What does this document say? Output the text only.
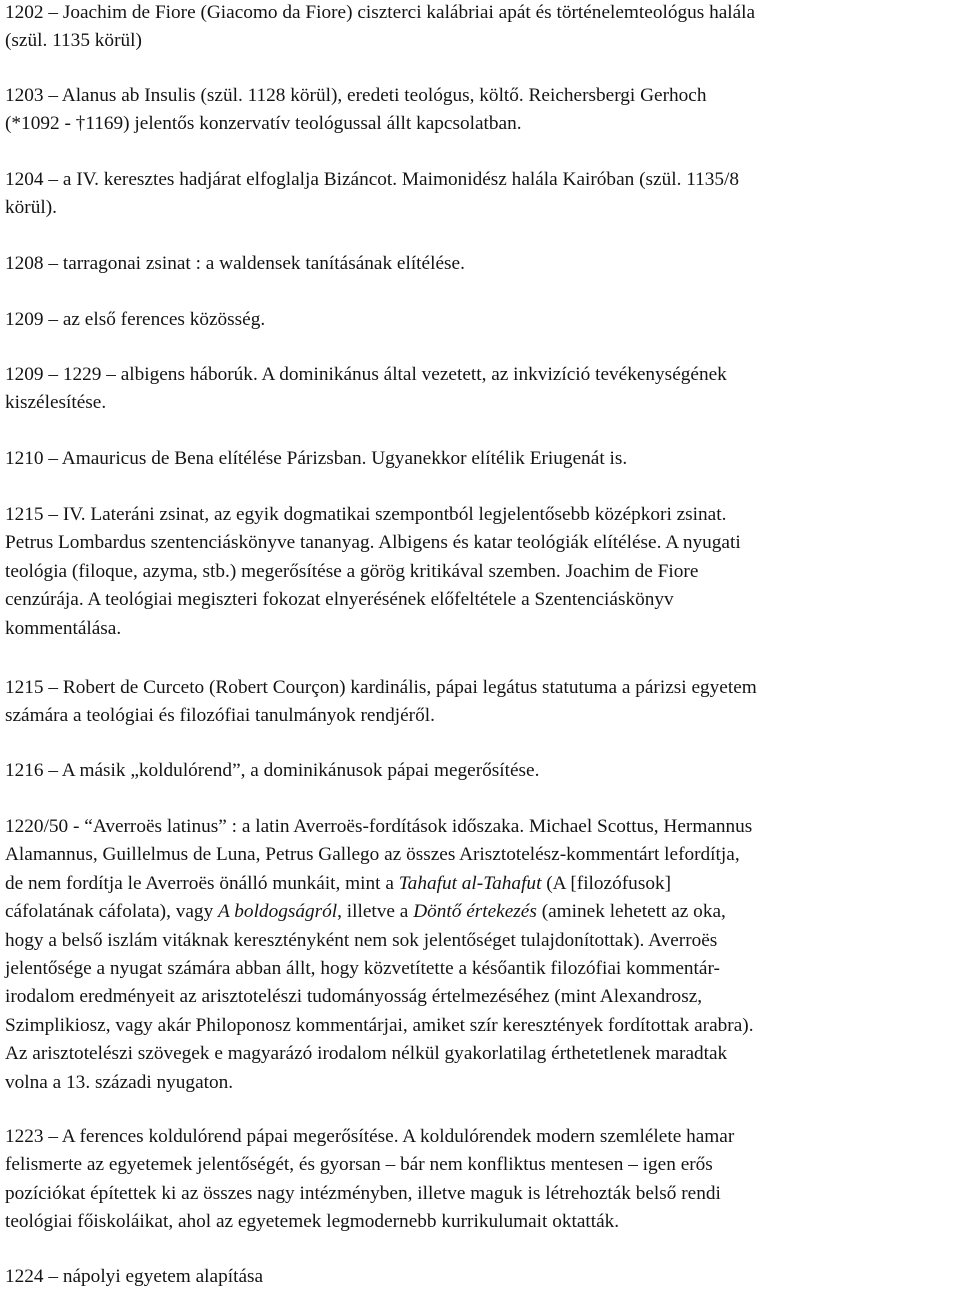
1202 – Joachim de Fiore (Giacomo da Fiore) ciszterci kalábriai apát és történelemteológus halála
(szül. 1135 körül)
1203 – Alanus ab Insulis (szül. 1128 körül), eredeti teológus, költő. Reichersbergi Gerhoch
(*1092 - †1169) jelentős konzervatív teológussal állt kapcsolatban.
1204 – a IV. keresztes hadjárat elfoglalja Bizáncot. Maimonidész halála Kairóban (szül. 1135/8
körül).
1208 – tarragonai zsinat : a waldensek tanításának elítélése.
1209 – az első ferences közösség.
1209 – 1229 – albigens háborúk. A dominikánus által vezetett, az inkvizíció tevékenységének
kiszélesítése.
1210 – Amauricus de Bena elítélése Párizsban. Ugyanekkor elítélik Eriugenát is.
1215 – IV. Lateráni zsinat, az egyik dogmatikai szempontból legjelentősebb középkori zsinat.
Petrus Lombardus szentenciáskönyve tananyag. Albigens és katar teológiák elítélése. A nyugati
teológia (filoque, azyma, stb.) megerősítése a görög kritikával szemben. Joachim de Fiore
cenzúrája. A teológiai megiszteri fokozat elnyerésének előfeltétele a Szentenciáskönyv
kommentálása.
1215 – Robert de Curceto (Robert Courçon) kardinális, pápai legátus statutuma a párizsi egyetem
számára a teológiai és filozófiai tanulmányok rendjéről.
1216 – A másik „koldulórend”, a dominikánusok pápai megerősítése.
1220/50 - “Averroës latinus” : a latin Averroës-fordítások időszaka. Michael Scottus, Hermannus
Alamannus, Guillelmus de Luna, Petrus Gallego az összes Arisztotelész-kommentárt lefordítja,
de nem fordítja le Averroës önálló munkáit, mint a Tahafut al-Tahafut (A [filozófusok]
cáfolatának cáfolata), vagy A boldogságról, illetve a Döntő értekezés (aminek lehetett az oka,
hogy a belső iszlám vitáknak keresztényként nem sok jelentőséget tulajdonítottak). Averroës
jelentősége a nyugat számára abban állt, hogy közvetítette a későantik filozófiai kommentár-
irodalom eredményeit az arisztotelészi tudományosság értelmezéséhez (mint Alexandrosz,
Szimplikiosz, vagy akár Philoponosz kommentárjai, amiket szír keresztények fordítottak arabra).
Az arisztotelészi szövegek e magyarázó irodalom nélkül gyakorlatilag érthetetlenek maradtak
volna a 13. századi nyugaton.
1223 – A ferences koldulórend pápai megerősítése. A koldulórendek modern szemlélete hamar
felismerte az egyetemek jelentőségét, és gyorsan – bár nem konfliktus mentesen – igen erős
pozíciókat építettek ki az összes nagy intézményben, illetve maguk is létrehozták belső rendi
teológiai főiskoláikat, ahol az egyetemek legmodernebb kurrikulumait oktatták.
1224 – nápolyi egyetem alapítása
